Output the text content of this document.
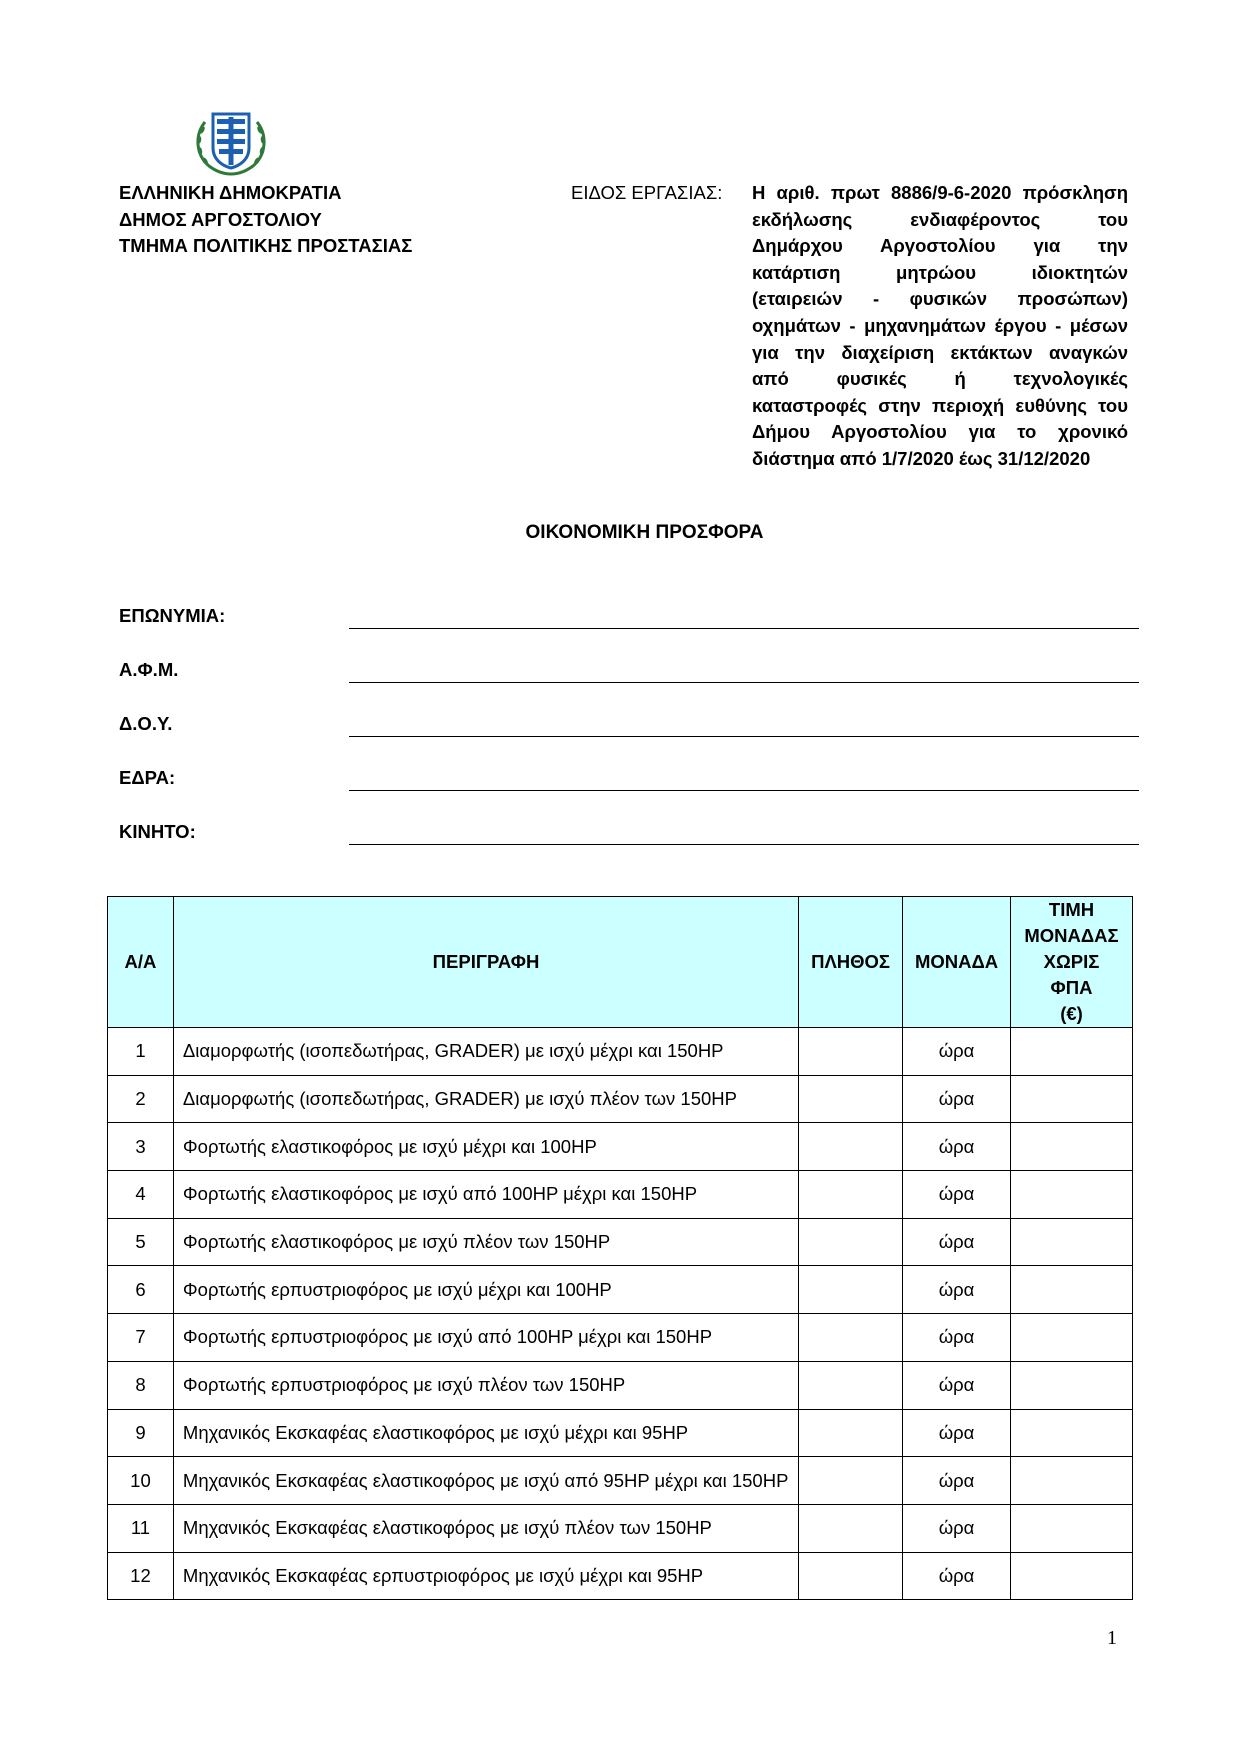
ΕΛΛΗΝΙΚΗ ΔΗΜΟΚΡΑΤΙΑ
ΔΗΜΟΣ ΑΡΓΟΣΤΟΛΙΟΥ
ΤΜΗΜΑ ΠΟΛΙΤΙΚΗΣ ΠΡΟΣΤΑΣΙΑΣ
ΕΙΔΟΣ ΕΡΓΑΣΙΑΣ: Η αριθ. πρωτ 8886/9-6-2020 πρόσκληση
εκδήλωσης ενδιαφέροντος του
Δημάρχου Αργοστολίου για την
κατάρτιση μητρώου ιδιοκτητών
(εταιρειών - φυσικών προσώπων)
οχημάτων - μηχανημάτων έργου - μέσων
για την διαχείριση εκτάκτων αναγκών
από φυσικές ή τεχνολογικές
καταστροφές στην περιοχή ευθύνης του
Δήμου Αργοστολίου για το χρονικό
διάστημα από 1/7/2020 έως 31/12/2020
ΟΙΚΟΝΟΜΙΚΗ ΠΡΟΣΦΟΡΑ
ΕΠΩΝΥΜΙΑ:
Α.Φ.Μ.
Δ.Ο.Υ.
ΕΔΡΑ:
ΚΙΝΗΤΟ:
Α/Α	ΠΕΡΙΓΡΑΦΗ	ΠΛΗΘΟΣ	ΜΟΝΑΔΑ	ΤΙΜΗ
ΜΟΝΑΔΑΣ
ΧΩΡΙΣ
ΦΠΑ
(€)

1	Διαμορφωτής (ισοπεδωτήρας, GRADER) με ισχύ μέχρι και 150HP		ώρα	
2	Διαμορφωτής (ισοπεδωτήρας, GRADER) με ισχύ πλέον των 150HP		ώρα	
3	Φορτωτής ελαστικοφόρος με ισχύ μέχρι και 100HP		ώρα	
4	Φορτωτής ελαστικοφόρος με ισχύ από 100HP μέχρι και 150HP		ώρα	
5	Φορτωτής ελαστικοφόρος με ισχύ πλέον των 150HP		ώρα	
6	Φορτωτής ερπυστριοφόρος με ισχύ μέχρι και 100HP		ώρα	
7	Φορτωτής ερπυστριοφόρος με ισχύ από 100HP μέχρι και 150HP		ώρα	
8	Φορτωτής ερπυστριοφόρος με ισχύ πλέον των 150HP		ώρα	
9	Μηχανικός Εκσκαφέας ελαστικοφόρος με ισχύ μέχρι και 95HP		ώρα	
10	Μηχανικός Εκσκαφέας ελαστικοφόρος με ισχύ από 95HP μέχρι και 150HP		ώρα	
11	Μηχανικός Εκσκαφέας ελαστικοφόρος με ισχύ πλέον των 150HP		ώρα	
12	Μηχανικός Εκσκαφέας ερπυστριοφόρος με ισχύ μέχρι και 95HP		ώρα	
1
